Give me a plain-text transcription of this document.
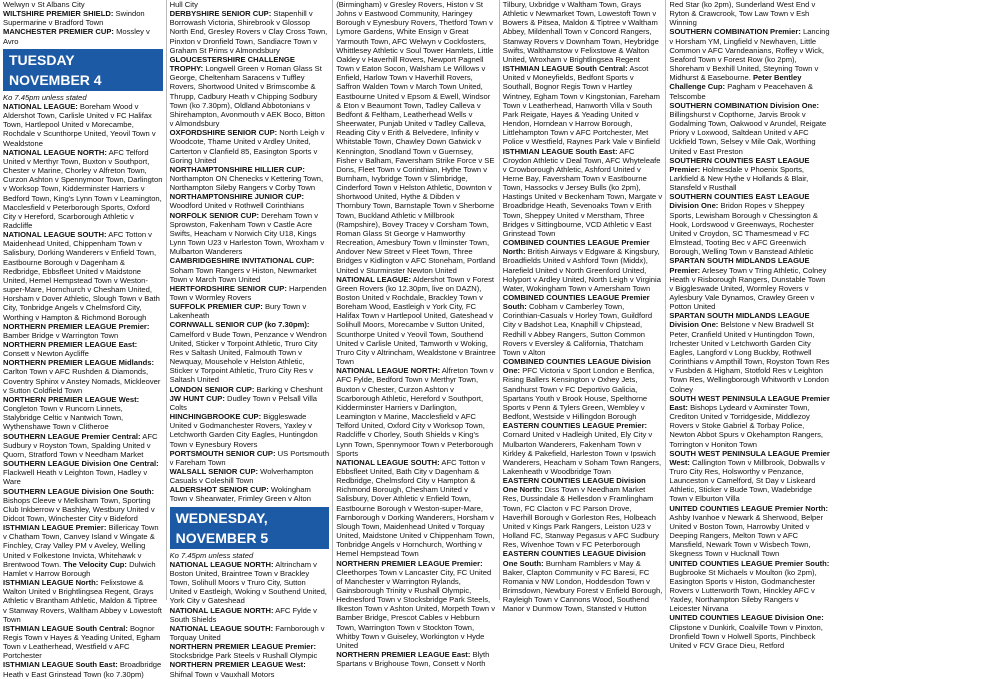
Welwyn v St Albans City

WILTSHIRE PREMIER SHIELD: Swindon Supermarine v Bradford Town

MANCHESTER PREMIER CUP: Mossley v Avro

TUESDAY NOVEMBER 4
Ko 7.45pm unless stated

NATIONAL LEAGUE: Boreham Wood v Aldershot Town, Carlisle United v FC Halifax Town, Hartlepool United v Morecambe, Rochdale v Scunthorpe United, Yeovil Town v Wealdstone

NATIONAL LEAGUE NORTH: AFC Telford United v Merthyr Town, Buxton v Southport, Chester v Marine, Chorley v Alfreton Town, Curzon Ashton v Spennymoor Town, Darlington v Worksop Town, Kidderminster Harriers v Bedford Town, King's Lynn Town v Leamington, Macclesfield v Peterborough Sports, Oxford City v Hereford, Scarborough Athletic v Radcliffe

NATIONAL LEAGUE SOUTH: AFC Totton v Maidenhead United, Chippenham Town v Salisbury, Dorking Wanderers v Enfield Town, Eastbourne Borough v Dagenham & Redbridge, Ebbsfleet United v Maidstone United, Hemel Hempstead Town v Weston-super-Mare, Hornchurch v Chesham United, Horsham v Dover Athletic, Slough Town v Bath City, Tonbridge Angels v Chelmsford City, Worthing v Hampton & Richmond Borough

NORTHERN PREMIER LEAGUE Premier: Bamber Bridge v Warrington Town

NORTHERN PREMIER LEAGUE East: Consett v Newton Aycliffe

NORTHERN PREMIER LEAGUE Midlands: Carlton Town v AFC Rushden & Diamonds, Coventry Sphinx v Anstey Nomads, Mickleover v Sutton Coldfield Town

NORTHERN PREMIER LEAGUE West: Congleton Town v Runcorn Linnets, Stalybridge Celtic v Nantwich Town, Wythenshawe Town v Clitheroe

SOUTHERN LEAGUE Premier Central: AFC Sudbury v Royston Town, Spalding United v Quorn, Stratford Town v Needham Market

SOUTHERN LEAGUE Division One Central: Flackwell Heath v Leighton Town, Hadley v Ware

SOUTHERN LEAGUE Division One South: Bishops Cleeve v Melksham Town, Sporting Club Inkberrow v Bashley, Westbury United v Didcot Town, Winchester City v Bideford

ISTHMIAN LEAGUE Premier: Billericay Town v Chatham Town, Canvey Island v Wingate & Finchley, Cray Valley PM v Aveley, Welling United v Folkestone Invicta, Whitehawk v Brentwood Town. The Velocity Cup: Dulwich Hamlet v Harrow Borough

ISTHMIAN LEAGUE North: Felixstowe & Walton United v Brightlingsea Regent, Grays Athletic v Brantham Athletic, Maldon & Tiptree v Stanway Rovers, Waltham Abbey v Lowestoft Town

ISTHMIAN LEAGUE South Central: Bognor Regis Town v Hayes & Yeading United, Egham Town v Leatherhead, Westfield v AFC Portchester

ISTHMIAN LEAGUE South East: Broadbridge Heath v East Grinstead Town (ko 7.30pm)

Hull City

DERBYSHIRE SENIOR CUP: Stapenhill v Borrowash Victoria, Shirebrook v Glossop North End, Gresley Rovers v Clay Cross Town, Pinxton v Dronfield Town, Sandiacre Town v Graham St Prims v Almondsbury

GLOUCESTERSHIRE CHALLENGE TROPHY: Longwell Green v Roman Glass St George, Cheltenham Saracens v Tuffley Rovers, Shortwood United v Brimscombe & Thrupp, Cadbury Heath v Chipping Sodbury Town (ko 7.30pm), Oldland Abbotonians v Shirehampton, Avonmouth v AEK Boco, Bitton v Almondsbury

OXFORDSHIRE SENIOR CUP: North Leigh v Woodcote, Thame United v Ardley United, Carterton v Clanfield 85, Easington Sports v Goring United

NORTHAMPTONSHIRE HILLIER CUP: Northampton ON Chenecks v Kettering Town, Northampton Sileby Rangers v Corby Town

NORTHAMPTONSHIRE JUNIOR CUP: Woodford United v Rothwell Corinthians

NORFOLK SENIOR CUP: Dereham Town v Sprowston, Fakenham Town v Castle Acre Swifts, Heacham v Norwich City U18, Kings Lynn Town U23 v Harleston Town, Wroxham v Mulbarton Wanderers

CAMBRIDGESHIRE INVITATIONAL CUP: Soham Town Rangers v Histon, Newmarket Town v March Town United

HERTFORDSHIRE SENIOR CUP: Harpenden Town v Wormley Rovers

SUFFOLK PREMIER CUP: Bury Town v Lakenheath

CORNWALL SENIOR CUP (ko 7.30pm): Camelford v Bude Town, Penzance v Wendron United, Sticker v Torpoint Athletic, Truro City Res v Saltash United, Falmouth Town v Newquay, Mousehole v Helston Athletic, Sticker v Torpoint Athletic, Truro City Res v Saltash United

LONDON SENIOR CUP: Barking v Cheshunt

JW HUNT CUP: Dudley Town v Pelsall Villa Colts

HINCHINGBROOKE CUP: Biggleswade United v Godmanchester Rovers, Yaxley v Letchworth Garden City Eagles, Huntingdon Town v Eynesbury Rovers

PORTSMOUTH SENIOR CUP: US Portsmouth v Fareham Town

WALSALL SENIOR CUP: Wolverhampton Casuals v Coleshill Town

ALDERSHOT SENIOR CUP: Wokingham Town v Shearwater, Frimley Green v Alton

WEDNESDAY, NOVEMBER 5
Ko 7.45pm unless stated

NATIONAL LEAGUE NORTH: Altrincham v Boston United, Braintree Town v Brackley Town, Solihull Moors v Truro City, Sutton United v Eastleigh, Woking v Southend United, York City v Gateshead

NATIONAL LEAGUE NORTH: AFC Fylde v South Shields

NATIONAL LEAGUE SOUTH: Farnborough v Torquay United

NORTHERN PREMIER LEAGUE Premier: Stocksbridge Park Steels v Rushall Olympic

NORTHERN PREMIER LEAGUE West: Shifnal Town v Vauxhall Motors

(Birmingham) v Gresley Rovers, Histon v St Johns v Eastwood Community, Haringey Borough v Eynesbury Rovers, Thetford Town v Lymore Gardens, White Ensign v Great Yarmouth Town, AFC Welwyn v Cockfosters, Whittlesey Athletic v Soul Tower Hamlets, Little Oakley v Haverhill Rovers, Newport Pagnell Town v Eaton Socon, Walsham Le Willows v Enfield, Harlow Town v Haverhill Rovers, Saffron Walden Town v March Town United, Eastbourne United v Epsom & Ewell, Windsor & Eton v Beaumont Town, Tadley Calleva v Bedfont & Feltham, Leatherhead Wells v Sheerwater, Punjab United v Tadley Calleva, Reading City v Erith & Belvedere, Infinity v Whitstable Town, Chawley Down Gatwick v Kennington, Snodland Town v Guernsey, Fisher v Balham, Faversham Strike Force v SE Dons, Fleet Town v Corinthian, Hythe Town v Burnham, Ivybridge Town v Slimbridge, Cinderford Town v Helston Athletic, Downton v Shortwood United, Hythe & Dibden v Thornbury Town, Barnstaple Town v Sherborne Town, Buckland Athletic v Millbrook (Rampshire), Bovey Tracey v Corsham Town, Roman Glass St George v Hamworthy Recreation, Amesbury Town v Ilminster Town, Andover New Street v Fleet Town, Three Bridges v Kidlington v AFC Stoneham, Portland United v Sturminster Newton United

NATIONAL LEAGUE: Aldershot Town v Forest Green Rovers (ko 12.30pm, live on DAZN), Boston United v Rochdale, Brackley Town v Boreham Wood, Eastleigh v York City, FC Halifax Town v Hartlepool United, Gateshead v Solihull Moors, Morecambe v Sutton United, Scunthorpe United v Yeovil Town, Southend United v Carlisle United, Tamworth v Woking, Truro City v Altrincham, Wealdstone v Braintree Town

NATIONAL LEAGUE NORTH: Alfreton Town v AFC Fylde, Bedford Town v Merthyr Town, Buxton v Chester, Curzon Ashton v Scarborough Athletic, Hereford v Southport, Kidderminster Harriers v Darlington, Leamington v Marine, Macclesfield v AFC Telford United, Oxford City v Worksop Town, Radcliffe v Chorley, South Shields v King's Lynn Town, Spennymoor Town v Peterborough Sports

NATIONAL LEAGUE SOUTH: AFC Totton v Ebbsfleet United, Bath City v Dagenham & Redbridge, Chelmsford City v Hampton & Richmond Borough, Chesham United v Salisbury, Dover Athletic v Enfield Town, Eastbourne Borough v Weston-super-Mare, Farnborough v Dorking Wanderers, Horsham v Slough Town, Maidenhead United v Torquay United, Maidstone United v Chippenham Town, Tonbridge Angels v Hornchurch, Worthing v Hemel Hempstead Town

NORTHERN PREMIER LEAGUE Premier: Cleethorpes Town v Lancaster City, FC United of Manchester v Warrington Rylands, Gainsborough Trinity v Rushall Olympic, Hednesford Town v Stocksbridge Park Steels, Ilkeston Town v Ashton United, Morpeth Town v Bamber Bridge, Prescot Cables v Hebburn Town, Warrington Town v Stockton Town, Whitby Town v Guiseley, Workington v Hyde United

NORTHERN PREMIER LEAGUE East: Blyth Spartans v Brighouse Town, Consett v North

Tilbury, Uxbridge v Waltham Town, Grays Athletic v Newmarket Town, Lowestoft Town v Bowers & Pitsea, Maldon & Tiptree v Waltham Abbey, Mildenhall Town v Concord Rangers, Stanway Rovers v Downham Town, Heybridge Swifts, Walthamstow v Felixstowe & Walton United, Wroxham v Brightlingsea Regent

ISTHMIAN LEAGUE South Central: Ascot United v Moneyfields, Bedfont Sports v Southall, Bognor Regis Town v Hartley Wintney, Egham Town v Kingstonian, Fareham Town v Leatherhead, Hanworth Villa v South Park Reigate, Hayes & Yeading United v Hendon, Horndean v Harrow Borough, Littlehampton Town v AFC Portchester, Met Police v Westfield, Raynes Park Vale v Binfield

ISTHMIAN LEAGUE South East: AFC Croydon Athletic v Deal Town, AFC Whyteleafe v Crowborough Athletic, Ashford United v Herne Bay, Faversham Town v Eastbourne Town, Hassocks v Jersey Bulls (ko 2pm), Hastings United v Beckenham Town, Margate v Broadbridge Heath, Sevenoaks Town v Erith Town, Sheppey United v Merstham, Three Bridges v Sittingbourne, VCD Athletic v East Grinstead Town

COMBINED COUNTIES LEAGUE Premier North: British Airways v Edgware & Kingsbury, Broadfields United v Ashford Town (Middx), Harefield United v North Greenford United, Holyport v Ardley United, North Leigh v Virginia Water, Wokingham Town v Amersham Town

COMBINED COUNTIES LEAGUE Premier South: Cobham v Camberley Town, Corinthian-Casuals v Horley Town, Guildford City v Badshot Lea, Knaphill v Chipstead, Redhill v Abbey Rangers, Sutton Common Rovers v Eversley & California, Thatcham Town v Alton

COMBINED COUNTIES LEAGUE Division One: PFC Victoria v Sport London e Benfica, Rising Ballers Kensington v Oxhey Jets, Sandhurst Town v FC Deportivo Galicia, Spartans Youth v Brook House, Spelthorne Sports v Penn & Tylers Green, Wembley v Bedfont, Westside v Hillingdon Borough

EASTERN COUNTIES LEAGUE Premier: Cornard United v Hadleigh United, Ely City v Mulbarton Wanderers, Fakenham Town v Kirkley & Pakefield, Harleston Town v Ipswich Wanderers, Heacham v Soham Town Rangers, Lakenheath v Woodbridge Town

EASTERN COUNTIES LEAGUE Division One North: Diss Town v Needham Market Res, Dussindale & Hellesdon v Framlingham Town, FC Clacton v FC Parson Drove, Haverhill Borough v Gorleston Res, Holbeach United v Kings Park Rangers, Leiston U23 v Holland FC, Stanway Pegasus v AFC Sudbury Res, Wivenhoe Town v FC Peterborough

EASTERN COUNTIES LEAGUE Division One South: Burnham Ramblers v May & Baker, Clapton Community v FC Baresi, FC Romania v NW London, Hoddesdon Town v Brimsdown, Newbury Forest v Enfield Borough, Rayleigh Town v Cannons Wood, Southend Manor v Dunmow Town, Stansted v Hutton

Red Star (ko 2pm), Sunderland West End v Ryton & Crawcrook, Tow Law Town v Esh Winning

SOUTHERN COMBINATION Premier: Lancing v Horsham YM, Lingfield v Newhaven, Little Common v AFC Varndeanians, Roffey v Wick, Seaford Town v Forest Row (ko 2pm), Shoreham v Bexhill United, Steyning Town v Midhurst & Easebourne. Peter Bentley Challenge Cup: Pagham v Peacehaven & Telscombe

SOUTHERN COMBINATION Division One: Billingshurst v Copthorne, Jarvis Brook v Godalming Town, Oakwood v Arundel, Reigate Priory v Loxwood, Saltdean United v AFC Uckfield Town, Selsey v Mile Oak, Worthing United v East Preston

SOUTHERN COUNTIES EAST LEAGUE Premier: Holmesdale v Phoenix Sports, Larkfield & New Hythe v Hollands & Blair, Stansfeld v Rusthall

SOUTHERN COUNTIES EAST LEAGUE Division One: Bridon Ropes v Sheppey Sports, Lewisham Borough v Chessington & Hook, Lordswood v Greenways, Rochester United v Croydon, SC Thamesmead v FC Elmstead, Tooting Bec v AFC Greenwich Borough, Welling Town v Banstead Athletic

SPARTAN SOUTH MIDLANDS LEAGUE Premier: Arlesey Town v Tring Athletic, Colney Heath v Risborough Rangers, Dunstable Town v Biggleswade United, Wormley Rovers v Aylesbury Vale Dynamos, Crawley Green v Potton United

SPARTAN SOUTH MIDLANDS LEAGUE Division One: Belstone v New Bradwell St Peter, Cranfield United v Huntingdon Town, Irchester United v Letchworth Garden City Eagles, Langford v Long Buckby, Rothwell Corinthians v Ampthill Town, Royston Town Res v Fusbden & Higham, Stotfold Res v Leighton Town Res, Wellingborough Whitworth v London Colney

SOUTH WEST PENINSULA LEAGUE Premier East: Bishops Lydeard v Axminster Town, Crediton United v Torridgeside, Middlezoy Rovers v Stoke Gabriel & Torbay Police, Newton Abbot Spurs v Okehampton Rangers, Torrington v Honiton Town

SOUTH WEST PENINSULA LEAGUE Premier West: Callington Town v Millbrook, Dobwalls v Truro City Res, Holsworthy v Penzance, Launceston v Camelford, St Day v Liskeard Athletic, Sticker v Bude Town, Wadebridge Town v Elburton Villa

UNITED COUNTIES LEAGUE Premier North: Ashby Ivanhoe v Newark & Sherwood, Belper United v Boston Town, Harrowby United v Deeping Rangers, Melton Town v AFC Mansfield, Newark Town v Wisbech Town, Skegness Town v Hucknall Town

UNITED COUNTIES LEAGUE Premier South: Bugbrooke St Michaels v Moulton (ko 2pm), Easington Sports v Histon, Godmanchester Rovers v Lutterworth Town, Hinckley AFC v Yaxley, Northampton Sileby Rangers v Leicester Nirvana

UNITED COUNTIES LEAGUE Division One: Clipstone v Dunkirk, Coalville Town v Pinxton, Dronfield Town v Holwell Sports, Pinchbeck United v FCV Grace Dieu, Retford
